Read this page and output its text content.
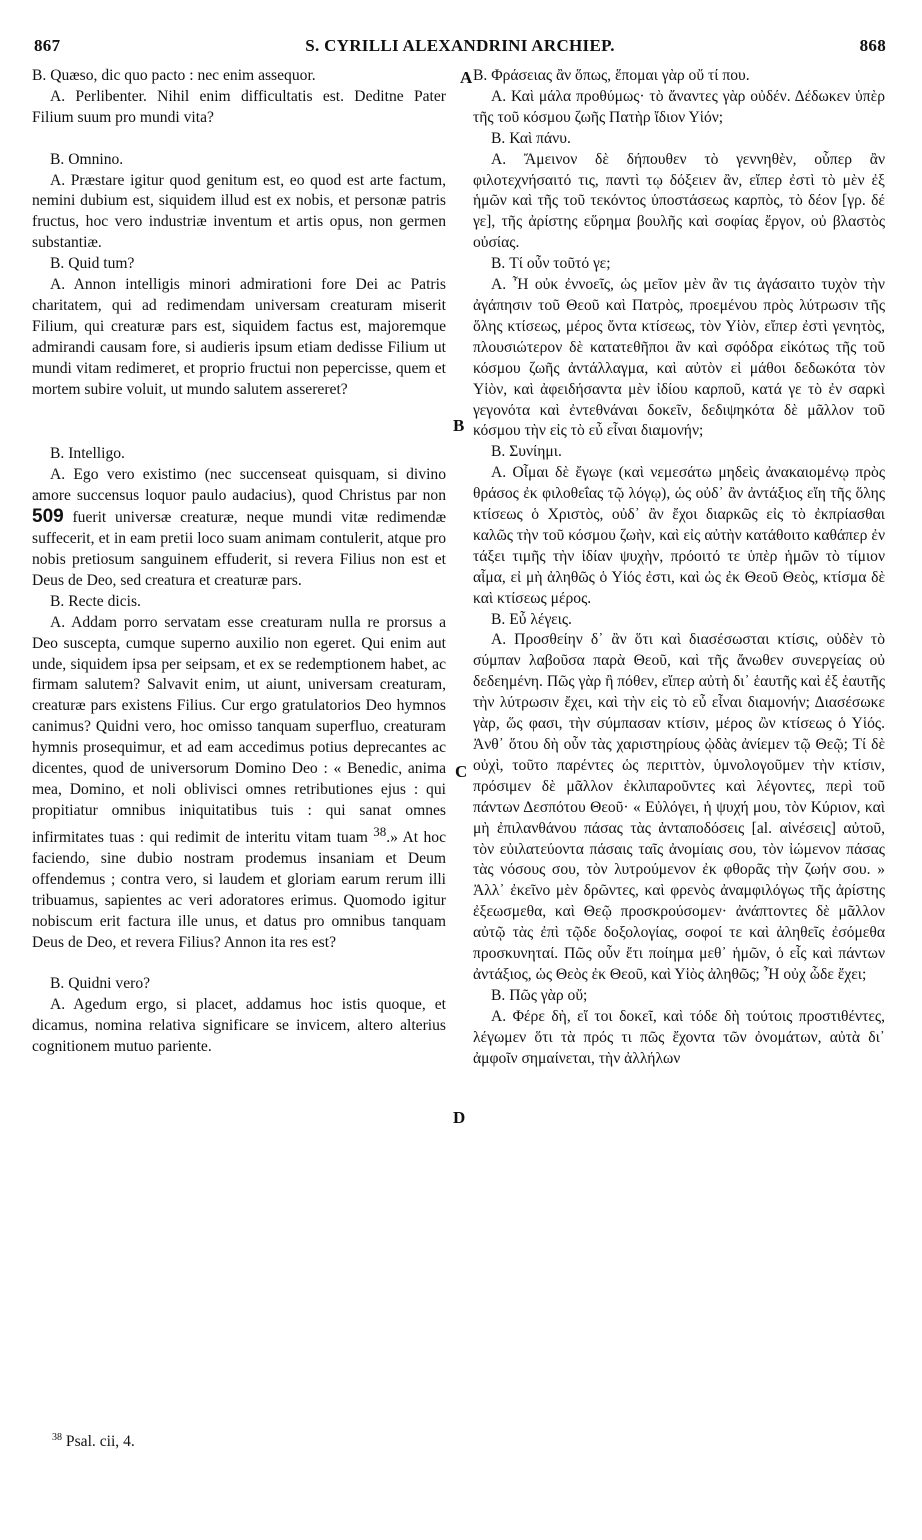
867	S. CYRILLI ALEXANDRINI ARCHIEP.	868
A
B
C
D

B. Quæso, dic quo pacto : nec enim assequor.

A. Perlibenter. Nihil enim difficultatis est. Deditne Pater Filium suum pro mundi vita?

B. Omnino.

A. Præstare igitur quod genitum est, eo quod est arte factum, nemini dubium est, siquidem illud est ex nobis, et personæ patris fructus, hoc vero industriæ inventum et artis opus, non germen substantiæ.

B. Quid tum?

A. Annon intelligis minori admirationi fore Dei ac Patris charitatem, qui ad redimendam universam creaturam miserit Filium, qui creaturæ pars est, siquidem factus est, majoremque admirandi causam fore, si audieris ipsum etiam dedisse Filium ut mundi vitam redimeret, et proprio fructui non pepercisse, quem et mortem subire voluit, ut mundo salutem assereret?

B. Intelligo.

A. Ego vero existimo (nec succenseat quisquam, si divino amore succensus loquor paulo audacius), quod Christus par non 509 fuerit universæ creaturæ, neque mundi vitæ redimendæ suffecerit, et in eam pretii loco suam animam contulerit, atque pro nobis pretiosum sanguinem effuderit, si revera Filius non est et Deus de Deo, sed creatura et creaturæ pars.

B. Recte dicis.

A. Addam porro servatam esse creaturam nulla re prorsus a Deo suscepta, cumque superno auxilio non egeret. Qui enim aut unde, siquidem ipsa per seipsam, et ex se redemptionem habet, ac firmam salutem? Salvavit enim, ut aiunt, universam creaturam, creaturæ pars existens Filius. Cur ergo gratulatorios Deo hymnos canimus? Quidni vero, hoc omisso tanquam superfluo, creaturam hymnis prosequimur, et ad eam accedimus potius deprecantes ac dicentes, quod de universorum Domino Deo : « Benedic, anima mea, Domino, et noli oblivisci omnes retributiones ejus : qui propitiatur omnibus iniquitatibus tuis : qui sanat omnes infirmitates tuas : qui redimit de interitu vitam tuam $^{38}$.» At hoc faciendo, sine dubio nostram prodemus insaniam et Deum offendemus ; contra vero, si laudem et gloriam earum rerum illi tribuamus, sapientes ac veri adoratores erimus. Quomodo igitur nobiscum erit factura ille unus, et datus pro omnibus tanquam Deus de Deo, et revera Filius? Annon ita res est?

B. Quidni vero?

A. Agedum ergo, si placet, addamus hoc istis quoque, et dicamus, nomina relativa significare se invicem, altero alterius cognitionem mutuo pariente.

B. Φράσειας ἂν ὅπως, ἕπομαι γὰρ οὔ τί που.

A. Καὶ μάλα προθύμως· τὸ ἄναντες γὰρ οὐδέν. Δέδωκεν ὑπὲρ τῆς τοῦ κόσμου ζωῆς Πατὴρ ἴδιον Υἱόν;

B. Καὶ πάνυ.

A. Ἄμεινον δὲ δήπουθεν τὸ γεννηθὲν, οὗπερ ἂν φιλοτεχνήσαιτό τις, παντὶ τῳ δόξειεν ἂν, εἴπερ ἐστὶ τὸ μὲν ἐξ ἡμῶν καὶ τῆς τοῦ τεκόντος ὑποστάσεως καρπὸς, τὸ δέον [γρ. δέ γε], τῆς ἀρίστης εὕρημα βουλῆς καὶ σοφίας ἔργον, οὐ βλαστὸς οὐσίας.

B. Τί οὖν τοῦτό γε;

A. Ἦ οὐκ ἐννοεῖς, ὡς μεῖον μὲν ἂν τις ἀγάσαιτο τυχὸν τὴν ἀγάπησιν τοῦ Θεοῦ καὶ Πατρὸς, προεμένου πρὸς λύτρωσιν τῆς ὅλης κτίσεως, μέρος ὄντα κτίσεως, τὸν Υἱὸν, εἴπερ ἐστὶ γενητὸς, πλουσιώτερον δὲ κατατεθῆποι ἂν καὶ σφόδρα εἰκότως τῆς τοῦ κόσμου ζωῆς ἀντάλλαγμα, καὶ αὐτὸν εἰ μάθοι δεδωκότα τὸν Υἱὸν, καὶ ἀφειδήσαντα μὲν ἰδίου καρποῦ, κατά γε τὸ ἐν σαρκὶ γεγονότα καὶ ἐντεθνάναι δοκεῖν, δεδιψηκότα δὲ μᾶλλον τοῦ κόσμου τὴν εἰς τὸ εὖ εἶναι διαμονήν;

B. Συνίημι.

A. Οἶμαι δὲ ἔγωγε (καὶ νεμεσάτω μηδεὶς ἀνακαιομένῳ πρὸς θράσος ἐκ φιλοθεΐας τῷ λόγῳ), ὡς οὐδ᾽ ἂν ἀντάξιος εἴη τῆς ὅλης κτίσεως ὁ Χριστὸς, οὐδ᾽ ἂν ἔχοι διαρκῶς εἰς τὸ ἐκπρίασθαι καλῶς τὴν τοῦ κόσμου ζωὴν, καὶ εἰς αὐτὴν κατάθοιτο καθάπερ ἐν τάξει τιμῆς τὴν ἰδίαν ψυχὴν, πρόοιτό τε ὑπὲρ ἡμῶν τὸ τίμιον αἷμα, εἰ μὴ ἀληθῶς ὁ Υἱός ἐστι, καὶ ὡς ἐκ Θεοῦ Θεὸς, κτίσμα δὲ καὶ κτίσεως μέρος.

B. Εὖ λέγεις.

A. Προσθείην δ᾽ ἂν ὅτι καὶ διασέσωσται κτίσις, οὐδὲν τὸ σύμπαν λαβοῦσα παρὰ Θεοῦ, καὶ τῆς ἄνωθεν συνεργείας οὐ δεδεημένη. Πῶς γὰρ ἢ πόθεν, εἴπερ αὐτὴ δι᾽ ἑαυτῆς καὶ ἐξ ἑαυτῆς τὴν λύτρωσιν ἔχει, καὶ τὴν εἰς τὸ εὖ εἶναι διαμονήν; Διασέσωκε γὰρ, ὥς φασι, τὴν σύμπασαν κτίσιν, μέρος ὢν κτίσεως ὁ Υἱός. Ἀνθ᾽ ὅτου δὴ οὖν τὰς χαριστηρίους ᾠδὰς ἀνίεμεν τῷ Θεῷ; Τί δὲ οὐχὶ, τοῦτο παρέντες ὡς περιττὸν, ὑμνολογοῦμεν τὴν κτίσιν, πρόσιμεν δὲ μᾶλλον ἐκλιπαροῦντες καὶ λέγοντες, περὶ τοῦ πάντων Δεσπότου Θεοῦ· « Εὐλόγει, ἡ ψυχή μου, τὸν Κύριον, καὶ μὴ ἐπιλανθάνου πάσας τὰς ἀνταποδόσεις [al. αἰνέσεις] αὐτοῦ, τὸν εὐιλατεύοντα πάσαις ταῖς ἀνομίαις σου, τὸν ἰώμενον πάσας τὰς νόσους σου, τὸν λυτρούμενον ἐκ φθορᾶς τὴν ζωήν σου. » Ἀλλ᾽ ἐκεῖνο μὲν δρῶντες, καὶ φρενὸς ἀναμφιλόγως τῆς ἀρίστης ἐξεωσμεθα, καὶ Θεῷ προσκρούσομεν· ἀνάπτοντες δὲ μᾶλλον αὐτῷ τὰς ἐπὶ τῷδε δοξολογίας, σοφοί τε καὶ ἀληθεῖς ἐσόμεθα προσκυνηταί. Πῶς οὖν ἔτι ποίημα μεθ᾽ ἡμῶν, ὁ εἷς καὶ πάντων ἀντάξιος, ὡς Θεὸς ἐκ Θεοῦ, καὶ Υἱὸς ἀληθῶς; Ἦ οὐχ ὧδε ἔχει;

B. Πῶς γὰρ οὔ;

A. Φέρε δὴ, εἴ τοι δοκεῖ, καὶ τόδε δὴ τούτοις προστιθέντες, λέγωμεν ὅτι τὰ πρός τι πῶς ἔχοντα τῶν ὀνομάτων, αὐτὰ δι᾽ ἀμφοῖν σημαίνεται, τὴν ἀλλήλων

$^{38}$ Psal. cii, 4.
